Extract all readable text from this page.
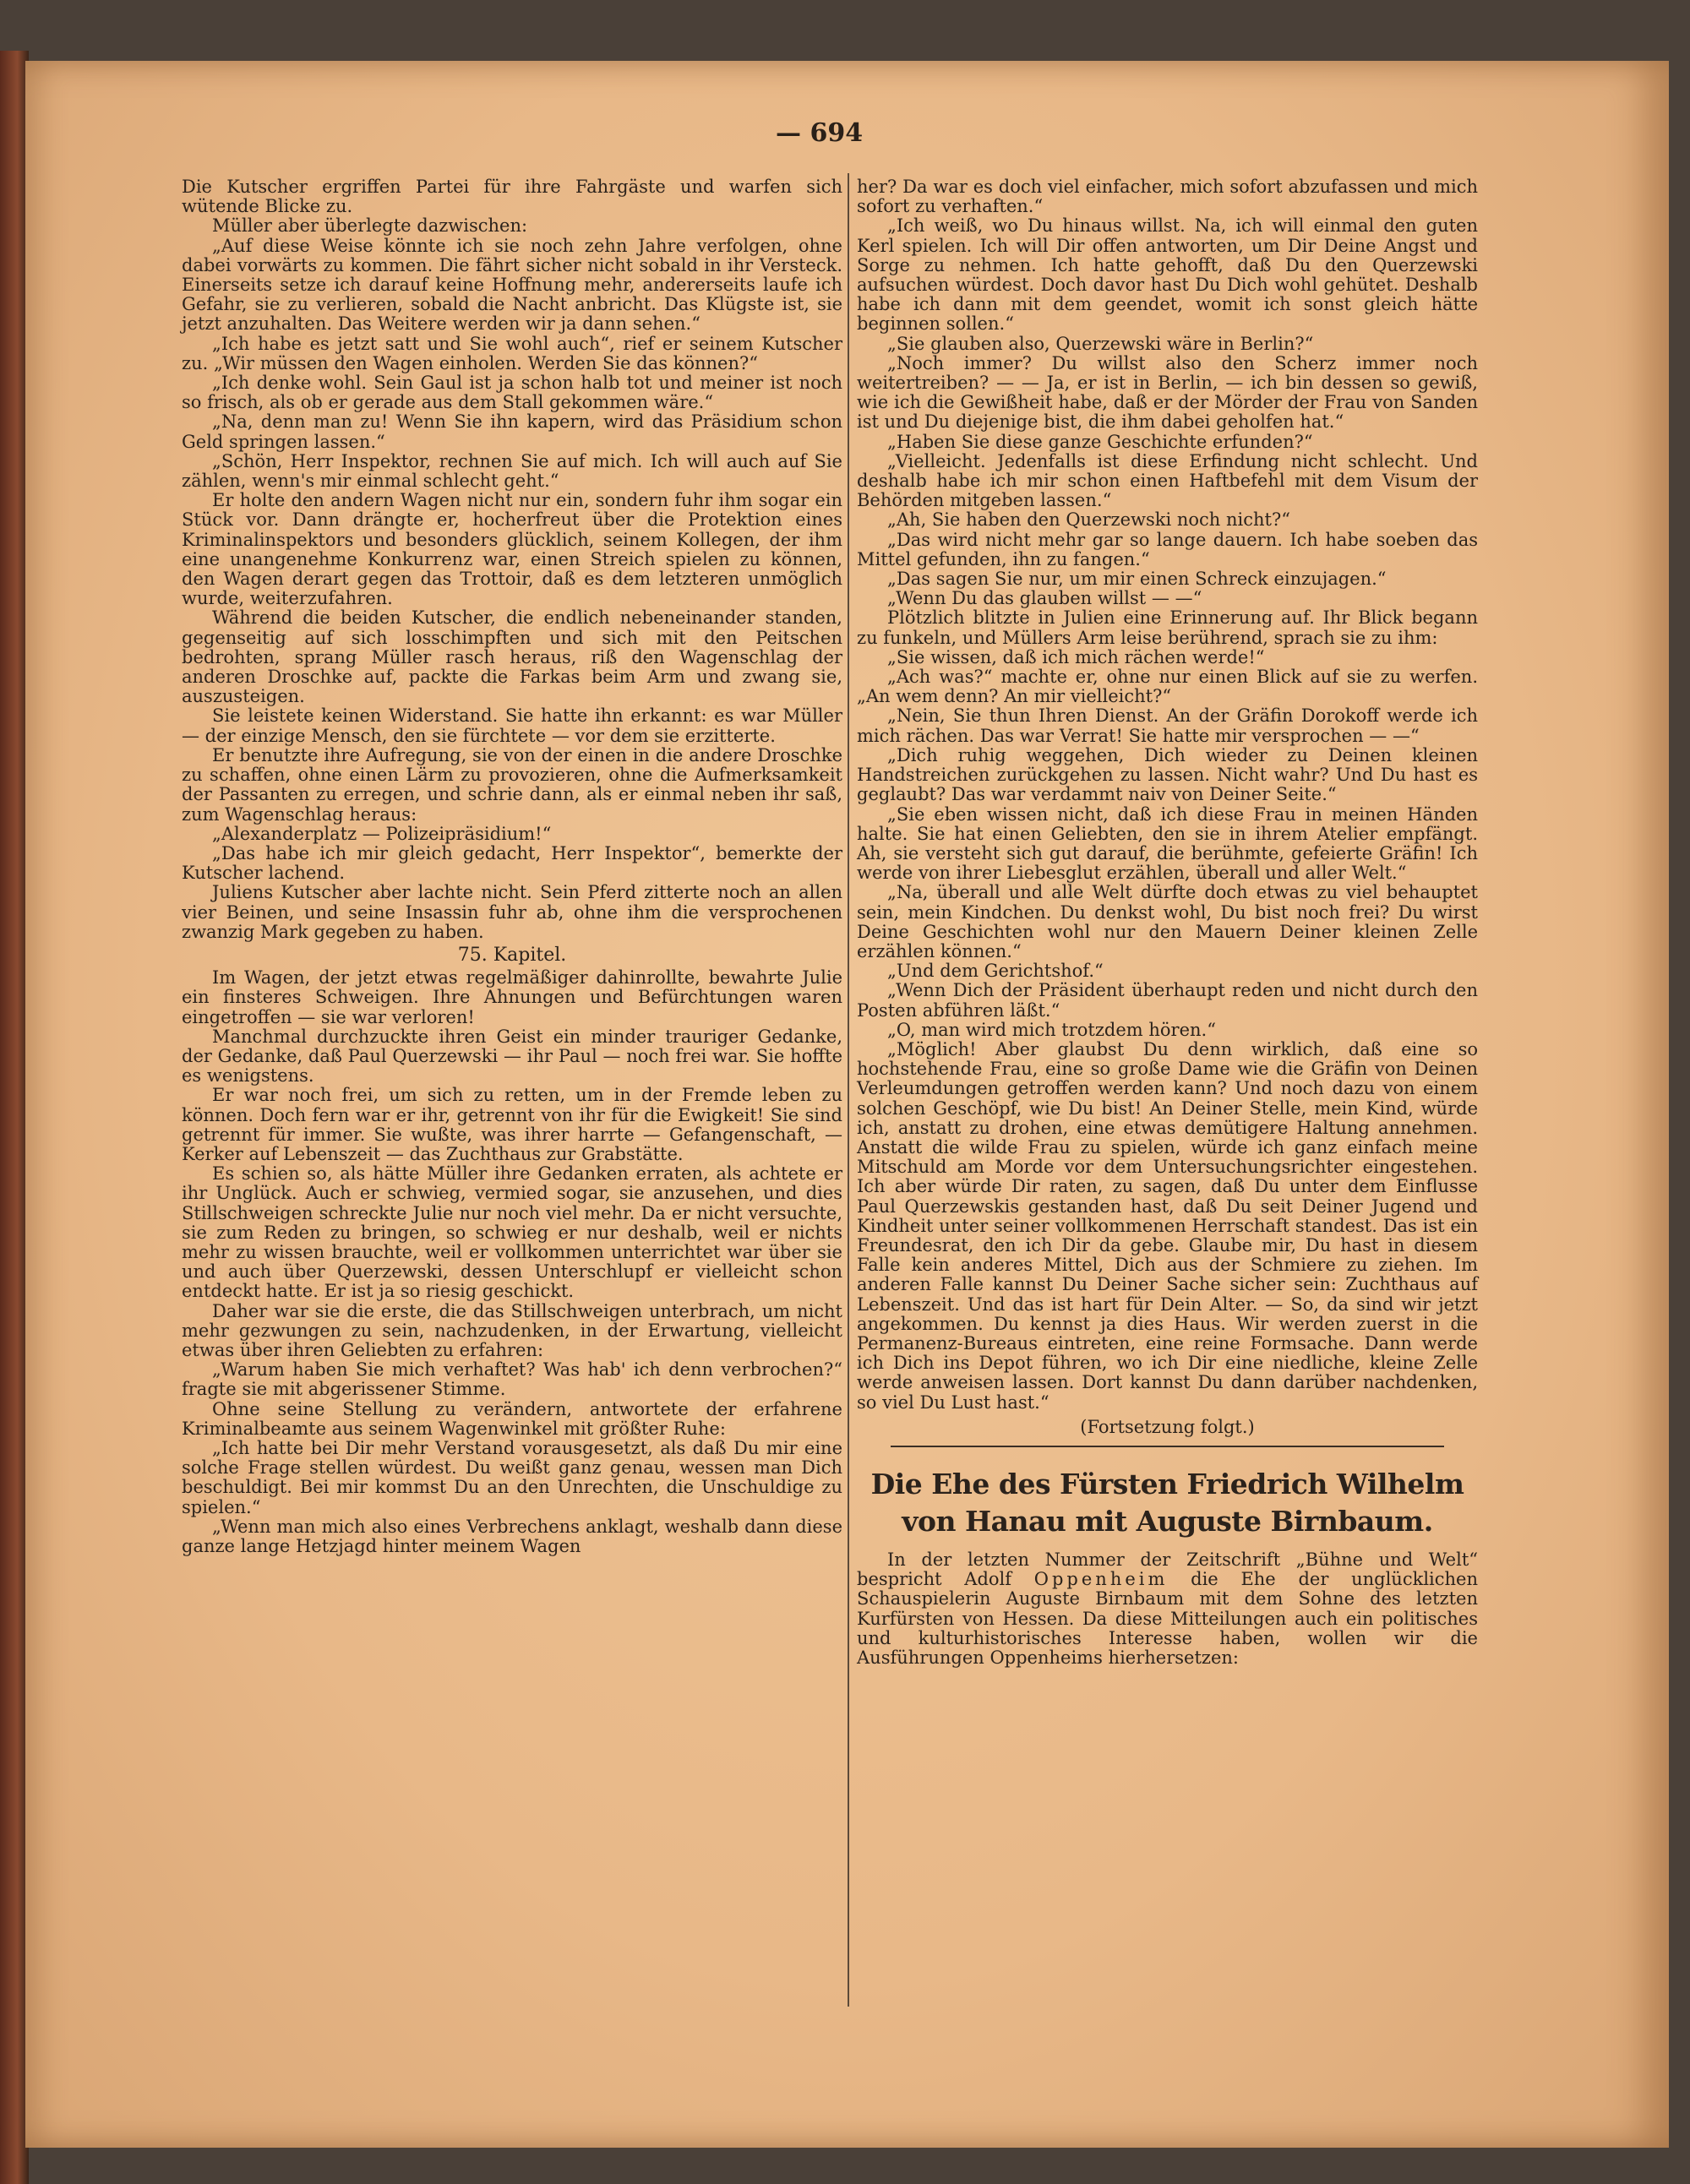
— 694

Die Kutscher ergriffen Partei für ihre Fahrgäste und warfen sich wütende Blicke zu.

Müller aber überlegte dazwischen:

„Auf diese Weise könnte ich sie noch zehn Jahre verfolgen, ohne dabei vorwärts zu kommen. Die fährt sicher nicht sobald in ihr Versteck. Einerseits setze ich darauf keine Hoffnung mehr, andererseits laufe ich Gefahr, sie zu verlieren, sobald die Nacht anbricht. Das Klügste ist, sie jetzt anzuhalten. Das Weitere werden wir ja dann sehen.“

„Ich habe es jetzt satt und Sie wohl auch“, rief er seinem Kutscher zu. „Wir müssen den Wagen einholen. Werden Sie das können?“

„Ich denke wohl. Sein Gaul ist ja schon halb tot und meiner ist noch so frisch, als ob er gerade aus dem Stall gekommen wäre.“

„Na, denn man zu! Wenn Sie ihn kapern, wird das Präsidium schon Geld springen lassen.“

„Schön, Herr Inspektor, rechnen Sie auf mich. Ich will auch auf Sie zählen, wenn's mir einmal schlecht geht.“

Er holte den andern Wagen nicht nur ein, sondern fuhr ihm sogar ein Stück vor. Dann drängte er, hocherfreut über die Protektion eines Kriminalinspektors und besonders glücklich, seinem Kollegen, der ihm eine unangenehme Konkurrenz war, einen Streich spielen zu können, den Wagen derart gegen das Trottoir, daß es dem letzteren unmöglich wurde, weiterzufahren.

Während die beiden Kutscher, die endlich nebeneinander standen, gegenseitig auf sich losschimpften und sich mit den Peitschen bedrohten, sprang Müller rasch heraus, riß den Wagenschlag der anderen Droschke auf, packte die Farkas beim Arm und zwang sie, auszusteigen.

Sie leistete keinen Widerstand. Sie hatte ihn erkannt: es war Müller — der einzige Mensch, den sie fürchtete — vor dem sie erzitterte.

Er benutzte ihre Aufregung, sie von der einen in die andere Droschke zu schaffen, ohne einen Lärm zu provozieren, ohne die Aufmerksamkeit der Passanten zu erregen, und schrie dann, als er einmal neben ihr saß, zum Wagenschlag heraus:

„Alexanderplatz — Polizeipräsidium!“

„Das habe ich mir gleich gedacht, Herr Inspektor“, bemerkte der Kutscher lachend.

Juliens Kutscher aber lachte nicht. Sein Pferd zitterte noch an allen vier Beinen, und seine Insassin fuhr ab, ohne ihm die versprochenen zwanzig Mark gegeben zu haben.

75. Kapitel.

Im Wagen, der jetzt etwas regelmäßiger dahinrollte, bewahrte Julie ein finsteres Schweigen. Ihre Ahnungen und Befürchtungen waren eingetroffen — sie war verloren!

Manchmal durchzuckte ihren Geist ein minder trauriger Gedanke, der Gedanke, daß Paul Querzewski — ihr Paul — noch frei war. Sie hoffte es wenigstens.

Er war noch frei, um sich zu retten, um in der Fremde leben zu können. Doch fern war er ihr, getrennt von ihr für die Ewigkeit! Sie sind getrennt für immer. Sie wußte, was ihrer harrte — Gefangenschaft, — Kerker auf Lebenszeit — das Zuchthaus zur Grabstätte.

Es schien so, als hätte Müller ihre Gedanken erraten, als achtete er ihr Unglück. Auch er schwieg, vermied sogar, sie anzusehen, und dies Stillschweigen schreckte Julie nur noch viel mehr. Da er nicht versuchte, sie zum Reden zu bringen, so schwieg er nur deshalb, weil er nichts mehr zu wissen brauchte, weil er vollkommen unterrichtet war über sie und auch über Querzewski, dessen Unterschlupf er vielleicht schon entdeckt hatte. Er ist ja so riesig geschickt.

Daher war sie die erste, die das Stillschweigen unterbrach, um nicht mehr gezwungen zu sein, nachzudenken, in der Erwartung, vielleicht etwas über ihren Geliebten zu erfahren:

„Warum haben Sie mich verhaftet? Was hab' ich denn verbrochen?“ fragte sie mit abgerissener Stimme.

Ohne seine Stellung zu verändern, antwortete der erfahrene Kriminalbeamte aus seinem Wagenwinkel mit größter Ruhe:

„Ich hatte bei Dir mehr Verstand vorausgesetzt, als daß Du mir eine solche Frage stellen würdest. Du weißt ganz genau, wessen man Dich beschuldigt. Bei mir kommst Du an den Unrechten, die Unschuldige zu spielen.“

„Wenn man mich also eines Verbrechens anklagt, weshalb dann diese ganze lange Hetzjagd hinter meinem Wagen

her? Da war es doch viel einfacher, mich sofort abzufassen und mich sofort zu verhaften.“

„Ich weiß, wo Du hinaus willst. Na, ich will einmal den guten Kerl spielen. Ich will Dir offen antworten, um Dir Deine Angst und Sorge zu nehmen. Ich hatte gehofft, daß Du den Querzewski aufsuchen würdest. Doch davor hast Du Dich wohl gehütet. Deshalb habe ich dann mit dem geendet, womit ich sonst gleich hätte beginnen sollen.“

„Sie glauben also, Querzewski wäre in Berlin?“

„Noch immer? Du willst also den Scherz immer noch weitertreiben? — — Ja, er ist in Berlin, — ich bin dessen so gewiß, wie ich die Gewißheit habe, daß er der Mörder der Frau von Sanden ist und Du diejenige bist, die ihm dabei geholfen hat.“

„Haben Sie diese ganze Geschichte erfunden?“

„Vielleicht. Jedenfalls ist diese Erfindung nicht schlecht. Und deshalb habe ich mir schon einen Haftbefehl mit dem Visum der Behörden mitgeben lassen.“

„Ah, Sie haben den Querzewski noch nicht?“

„Das wird nicht mehr gar so lange dauern. Ich habe soeben das Mittel gefunden, ihn zu fangen.“

„Das sagen Sie nur, um mir einen Schreck einzujagen.“

„Wenn Du das glauben willst — —“

Plötzlich blitzte in Julien eine Erinnerung auf. Ihr Blick begann zu funkeln, und Müllers Arm leise berührend, sprach sie zu ihm:

„Sie wissen, daß ich mich rächen werde!“

„Ach was?“ machte er, ohne nur einen Blick auf sie zu werfen. „An wem denn? An mir vielleicht?“

„Nein, Sie thun Ihren Dienst. An der Gräfin Dorokoff werde ich mich rächen. Das war Verrat! Sie hatte mir versprochen — —“

„Dich ruhig weggehen, Dich wieder zu Deinen kleinen Handstreichen zurückgehen zu lassen. Nicht wahr? Und Du hast es geglaubt? Das war verdammt naiv von Deiner Seite.“

„Sie eben wissen nicht, daß ich diese Frau in meinen Händen halte. Sie hat einen Geliebten, den sie in ihrem Atelier empfängt. Ah, sie versteht sich gut darauf, die berühmte, gefeierte Gräfin! Ich werde von ihrer Liebesglut erzählen, überall und aller Welt.“

„Na, überall und alle Welt dürfte doch etwas zu viel behauptet sein, mein Kindchen. Du denkst wohl, Du bist noch frei? Du wirst Deine Geschichten wohl nur den Mauern Deiner kleinen Zelle erzählen können.“

„Und dem Gerichtshof.“

„Wenn Dich der Präsident überhaupt reden und nicht durch den Posten abführen läßt.“

„O, man wird mich trotzdem hören.“

„Möglich! Aber glaubst Du denn wirklich, daß eine so hochstehende Frau, eine so große Dame wie die Gräfin von Deinen Verleumdungen getroffen werden kann? Und noch dazu von einem solchen Geschöpf, wie Du bist! An Deiner Stelle, mein Kind, würde ich, anstatt zu drohen, eine etwas demütigere Haltung annehmen. Anstatt die wilde Frau zu spielen, würde ich ganz einfach meine Mitschuld am Morde vor dem Untersuchungsrichter eingestehen. Ich aber würde Dir raten, zu sagen, daß Du unter dem Einflusse Paul Querzewskis gestanden hast, daß Du seit Deiner Jugend und Kindheit unter seiner vollkommenen Herrschaft standest. Das ist ein Freundesrat, den ich Dir da gebe. Glaube mir, Du hast in diesem Falle kein anderes Mittel, Dich aus der Schmiere zu ziehen. Im anderen Falle kannst Du Deiner Sache sicher sein: Zuchthaus auf Lebenszeit. Und das ist hart für Dein Alter. — So, da sind wir jetzt angekommen. Du kennst ja dies Haus. Wir werden zuerst in die Permanenz-Bureaus eintreten, eine reine Formsache. Dann werde ich Dich ins Depot führen, wo ich Dir eine niedliche, kleine Zelle werde anweisen lassen. Dort kannst Du dann darüber nachdenken, so viel Du Lust hast.“

(Fortsetzung folgt.)
Die Ehe des Fürsten Friedrich Wilhelm von Hanau mit Auguste Birnbaum.

In der letzten Nummer der Zeitschrift „Bühne und Welt“ bespricht Adolf Oppenheim die Ehe der unglücklichen Schauspielerin Auguste Birnbaum mit dem Sohne des letzten Kurfürsten von Hessen. Da diese Mitteilungen auch ein politisches und kulturhistorisches Interesse haben, wollen wir die Ausführungen Oppenheims hierhersetzen:
